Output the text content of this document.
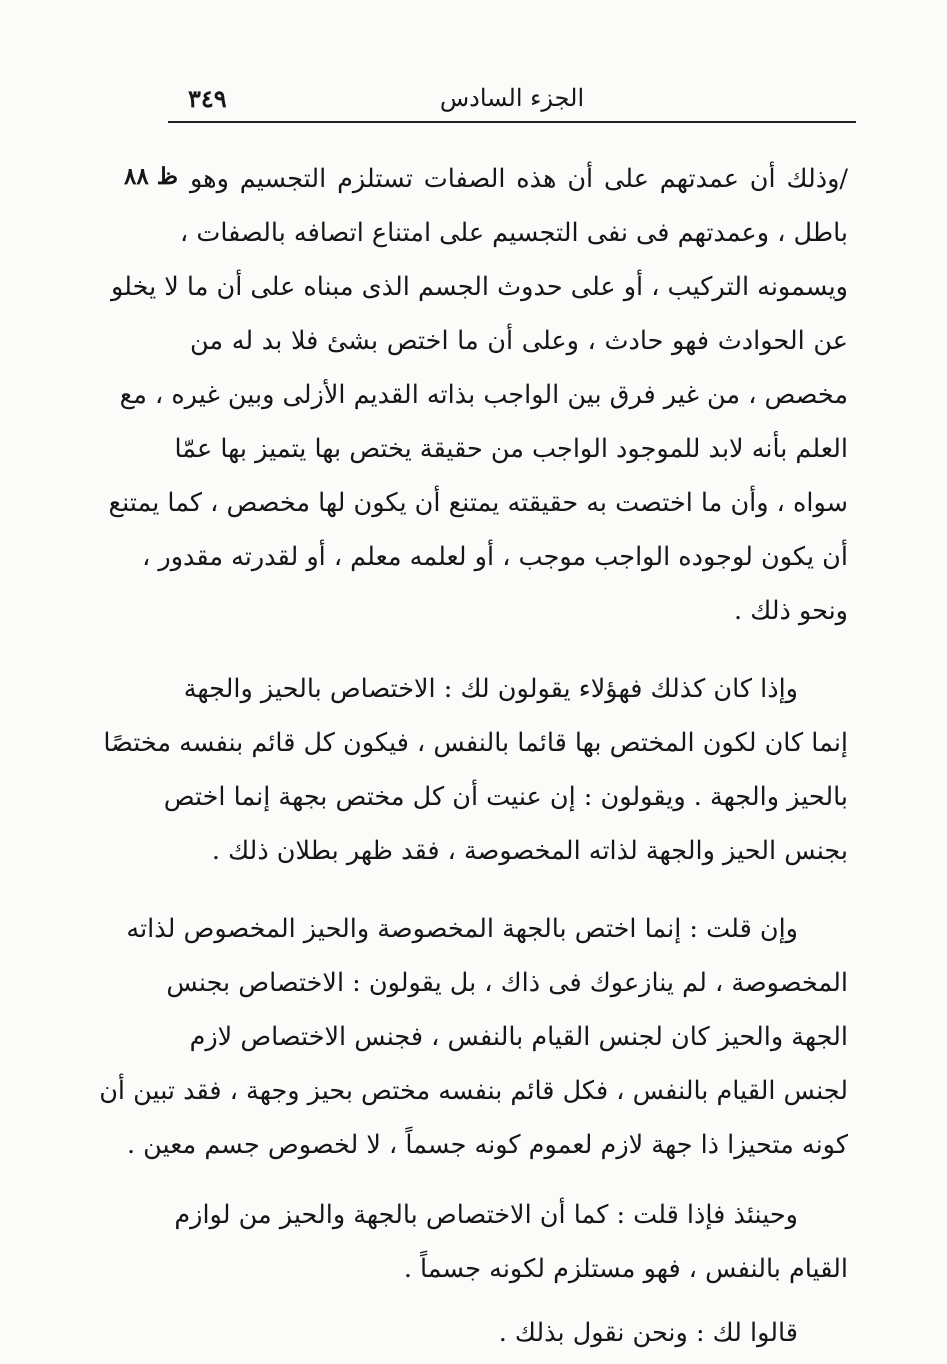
الجزء السادس
٣٤٩
ظ ٨٨ /وذلك أن عمدتهم على أن هذه الصفات تستلزم التجسيم وهو
باطل ، وعمدتهم فى نفى التجسيم على امتناع اتصافه بالصفات ،
ويسمونه التركيب ، أو على حدوث الجسم الذى مبناه على أن ما لا يخلو
عن الحوادث فهو حادث ، وعلى أن ما اختص بشئ فلا بد له من
مخصص ، من غير فرق بين الواجب بذاته القديم الأزلى وبين غيره ، مع
العلم بأنه لابد للموجود الواجب من حقيقة يختص بها يتميز بها عمّا
سواه ، وأن ما اختصت به حقيقته يمتنع أن يكون لها مخصص ، كما يمتنع
أن يكون لوجوده الواجب موجب ، أو لعلمه معلم ، أو لقدرته مقدور ،
ونحو ذلك .
وإذا كان كذلك فهؤلاء يقولون لك : الاختصاص بالحيز والجهة
إنما كان لكون المختص بها قائما بالنفس ، فيكون كل قائم بنفسه مختصًا
بالحيز والجهة . ويقولون : إن عنيت أن كل مختص بجهة إنما اختص
بجنس الحيز والجهة لذاته المخصوصة ، فقد ظهر بطلان ذلك .
وإن قلت : إنما اختص بالجهة المخصوصة والحيز المخصوص لذاته
المخصوصة ، لم ينازعوك فى ذاك ، بل يقولون : الاختصاص بجنس
الجهة والحيز كان لجنس القيام بالنفس ، فجنس الاختصاص لازم
لجنس القيام بالنفس ، فكل قائم بنفسه مختص بحيز وجهة ، فقد تبين أن
كونه متحيزا ذا جهة لازم لعموم كونه جسماً ، لا لخصوص جسم معين .
وحينئذ فإذا قلت : كما أن الاختصاص بالجهة والحيز من لوازم
القيام بالنفس ، فهو مستلزم لكونه جسماً .
قالوا لك : ونحن نقول بذلك .
